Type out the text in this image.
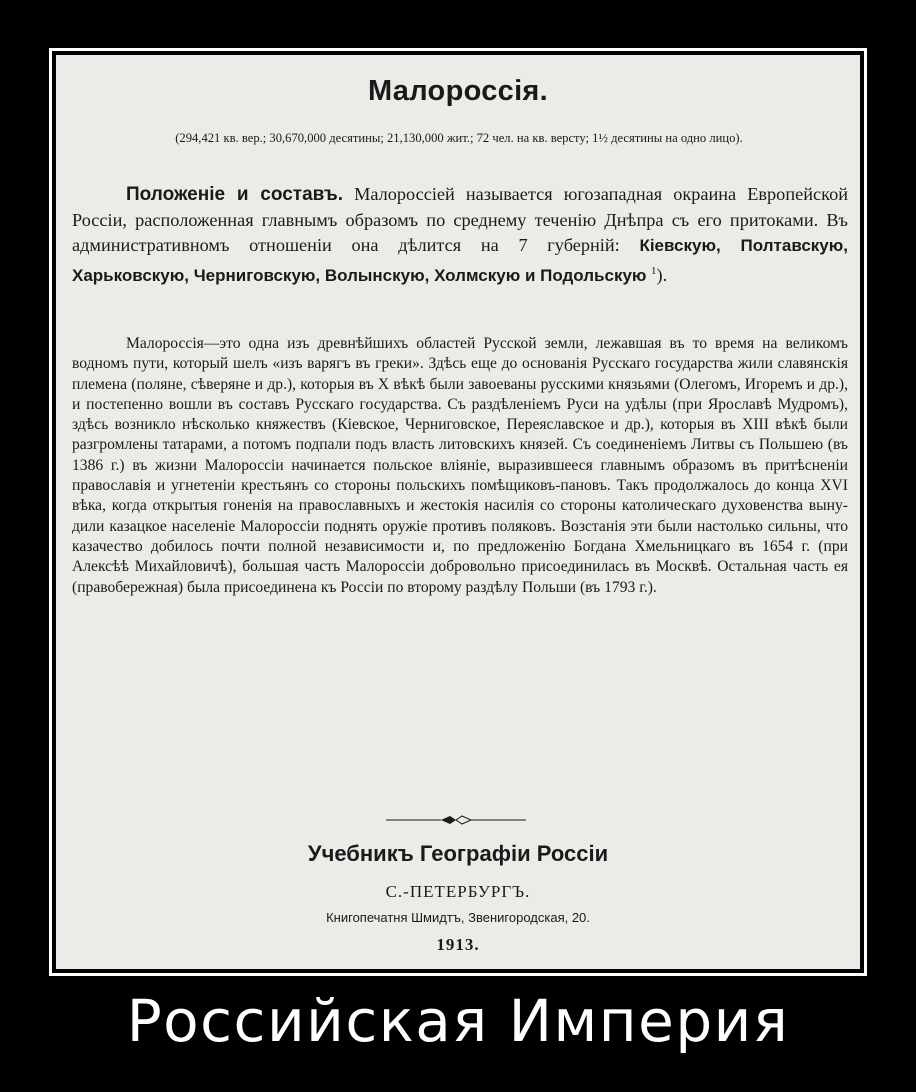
Малороссія.
(294,421 кв. вер.; 30,670,000 десятины; 21,130,000 жит.; 72 чел. на кв. версту; 1½ десятины на одно лицо).
Положеніе и составъ. Малороссіей называется югозападная окраина Европейской Россіи, расположенная главнымъ образомъ по среднему теченію Днѣпра съ его притоками. Въ административномъ отношеніи она дѣлится на 7 губерній: Кіевскую, Полтавскую, Харьковскую, Черниговскую, Волынскую, Холмскую и Подольскую $^1$).
Малороссія—это одна изъ древнѣйшихъ областей Русской земли, лежавшая въ то время на великомъ водномъ пути, который шелъ «изъ варягъ въ греки». Здѣсь еще до основанія Русскаго государства жили славянскія племена (поляне, сѣверяне и др.), которыя въ X вѣкѣ были завоеваны русскими князьями (Олегомъ, Игоремъ и др.), и постепенно вошли въ составъ Русскаго государства. Съ раздѣленіемъ Руси на удѣлы (при Ярославѣ Мудромъ), здѣсь возникло нѣсколько княжествъ (Кіевское, Черниговское, Переяславское и др.), которыя въ XIII вѣкѣ были разгромлены татарами, а потомъ подпали подъ власть литовскихъ князей. Съ соединеніемъ Литвы съ Польшею (въ 1386 г.) въ жизни Малороссіи начинается польское вліяніе, выразившееся главнымъ образомъ въ притѣсненіи православія и угнетеніи крестьянъ со стороны польскихъ помѣщиковъ-пановъ. Такъ продолжалось до конца XVI вѣка, когда открытыя гоненія на православныхъ и жестокія насилія со стороны католическаго духовенства вынудили казацкое населеніе Малороссіи поднять оружіе противъ поляковъ. Возстанія эти были настолько сильны, что казачество добилось почти полной независимости и, по предложенію Богдана Хмельницкаго въ 1654 г. (при Алексѣѣ Михайловичѣ), большая часть Малороссіи добровольно присоединилась въ Москвѣ. Остальная часть ея (правобережная) была присоединена къ Россіи по второму раздѣлу Польши (въ 1793 г.).
Учебникъ Географіи Россіи
С.-ПЕТЕРБУРГЪ.
Книгопечатня Шмидтъ, Звенигородская, 20.
1913.
Российская Империя
